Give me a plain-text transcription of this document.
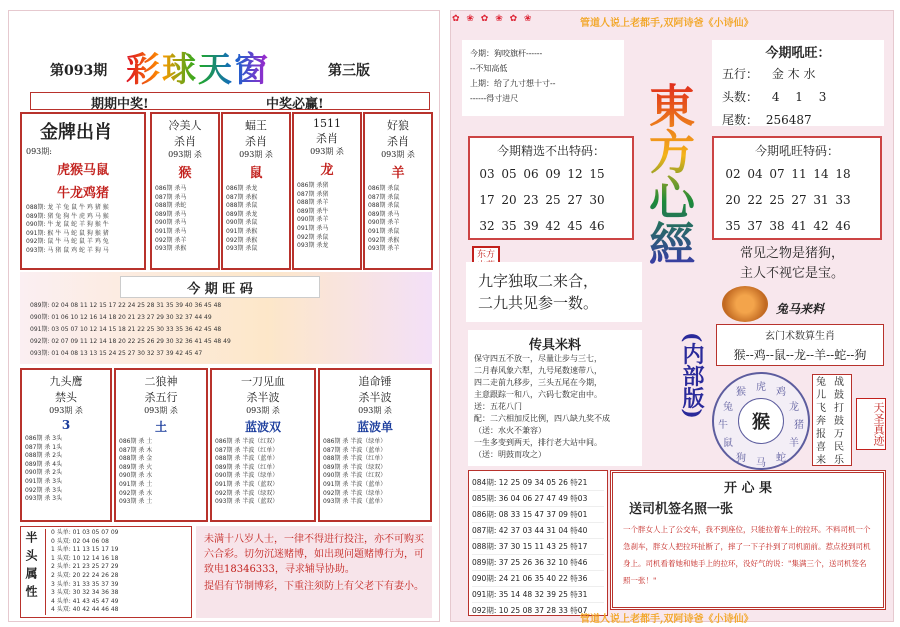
第093期 彩球天窗	第三版
期期中奖!	中奖必赢!
金牌出肖
093期:
虎猴马鼠
牛龙鸡猪
088期: 龙 羊 兔 鼠 牛 鸡 猪 猴
089期: 猪 兔 狗 牛 虎 鸡 马 猴
090期: 牛 龙 鼠 蛇 羊 狗 猴 牛
091期: 猴 牛 马 蛇 鼠 狗 猴 猪
092期: 鼠 牛 马 蛇 鼠 羊 鸡 兔
093期: 马 猪 鼠 鸡 蛇 羊 狗 马
冷美人
杀肖
093期 杀
猴
086期 杀马
087期 杀马
088期 杀蛇
089期 杀马
090期 杀马
091期 杀马
092期 杀羊
093期 杀猴
蝠王
杀肖
093期 杀
鼠
086期 杀龙
087期 杀猴
088期 杀鼠
089期 杀龙
090期 杀鼠
091期 杀猴
092期 杀猴
093期 杀鼠
1511
杀肖
093期 杀
龙
086期 杀猪
087期 杀猪
088期 杀羊
089期 杀牛
090期 杀羊
091期 杀马
092期 杀鼠
093期 杀龙
好狼
杀肖
093期 杀
羊
086期 杀鼠
087期 杀鼠
088期 杀鼠
089期 杀马
090期 杀羊
091期 杀鼠
092期 杀猴
093期 杀羊
今 期 旺 码
089期: 02 04 08 11 12 15 17 22 24 25 28 31 35 39 40 36 45 48
090期: 01 06 10 12 16 14 18 20 21 23 27 29 30 32 37 44 49
091期: 03 05 07 10 12 14 15 18 21 22 25 30 33 35 36 42 45 48
092期: 02 07 09 11 12 14 18 20 22 25 26 29 30 32 36 41 45 48 49
093期: 01 04 08 13 13 15 24 25 27 30 32 37 39 42 45 47
九头鹰
禁头
093期 杀
3
086期 杀 3头
087期 杀 1头
088期 杀 2头
089期 杀 4头
090期 杀 2头
091期 杀 3头
092期 杀 3头
093期 杀 3头
二狼神
杀五行
093期 杀
土
086期 杀 土
087期 杀 木
088期 杀 金
089期 杀 火
090期 杀 水
091期 杀 土
092期 杀 水
093期 杀 土
一刀见血
杀半波
093期 杀
蓝波双
086期 杀 半波（红双）
087期 杀 半波（红单）
088期 杀 半波（蓝单）
089期 杀 半波（红单）
090期 杀 半波（绿单）
091期 杀 半波（蓝双）
092期 杀 半波（绿双）
093期 杀 半波（蓝双）
追命锤
杀半波
093期 杀
蓝波单
086期 杀 半波（绿单）
087期 杀 半波（蓝单）
088期 杀 半波（红单）
089期 杀 半波（绿双）
090期 杀 半波（红双）
091期 杀 半波（蓝单）
092期 杀 半波（绿单）
093期 杀 半波（蓝单）
半头属性	0 头单: 01 03 05 07 09
0 头双: 02 04 06 08
1 头单: 11 13 15 17 19
1 头双: 10 12 14 16 18
2 头单: 21 23 25 27 29
2 头双: 20 22 24 26 28
3 头单: 31 33 35 37 39
3 头双: 30 32 34 36 38
4 头单: 41 43 45 47 49
4 头双: 40 42 44 46 48
未满十八岁人士，一律不得进行投注，亦不可购买六合彩。切勿沉迷赌博，如出现问题赌博行为，可致电18346333，寻求辅导协助。
提倡有节制博彩，下重注须防上有父老下有妻小。
✿ ❀ ✿ ❀ ✿ ❀	管道人说上老都手,双阿诗爸《小诗仙》
今期：狗咬旗杆------
--不知高低
上期：给了九寸想十寸--
------得寸进尺	東方心經
(内部版)
今期吼旺：
五行： 金 木 水
头数： 4 1 3
尾数： 256487
今期精选不出特码：
03 05 06 09 12 15 17 20 23 25 27 30 32 35 39 42 45 46
今期吼旺特码：
02 04 07 11 14 18 20 22 25 27 31 33 35 37 38 41 42 46
常见之物是猪狗，
主人不视它是宝。
东方
九字独取二来合，
二九共见参一数。	兔马来料
玄门术数算生肖
猴--鸡--鼠--龙--羊--蛇--狗
传具米料
保守四五不放一，尽量让步与三七，
二月春风象六犁，九号尾数速带八，
四二走前九移步，三头五尾在今期，
主意跟踪一和八，六码七数定由中。
送：五花八门
配：二六相加反比例，四八缺九奖不成
（送：水火不兼容）
一生多变到两天，排行老大站中间。
（送：明鼓而攻之）
猴
虎 鸡
龙
猪
羊
蛇
马
狗
鼠
牛
兔
猴
兔
儿
飞
奔
报
喜
来
战
鼓
打
鼓
万
民
乐
天圣真迹
084期: 12 25 09 34 05 26 特21
085期: 36 04 06 27 47 49 特03
086期: 08 33 15 47 37 09 特01
087期: 42 37 03 44 31 04 特40
088期: 37 30 15 11 43 25 特17
089期: 37 25 26 36 32 10 特46
090期: 24 21 06 35 40 22 特36
091期: 35 14 48 32 39 25 特31
092期: 10 25 08 37 28 33 特07
开 心 果
送司机签名照一张
一个胖女人上了公交车，我不到座位，只能拉着车上的拉环。不料司机一个急刹车，胖女人把拉环扯断了，摔了一下子扑到了司机面前。惹点投到司机身上。司机看着她和她手上的拉环，没好气的说："集满三个，送司机签名照一张！"
管道人说上老都手,双阿诗爸《小诗仙》
